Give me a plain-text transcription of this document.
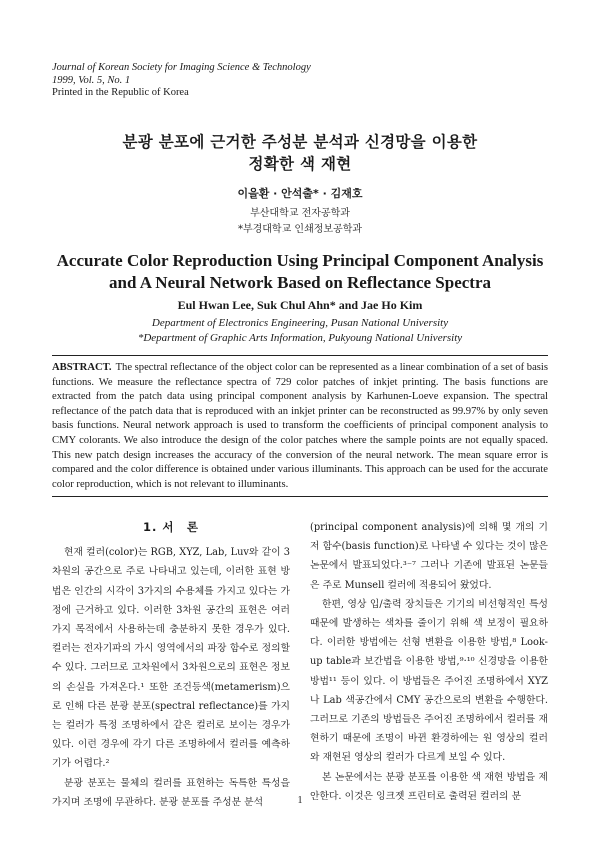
Journal of Korean Society for Imaging Science & Technology
1999, Vol. 5, No. 1
Printed in the Republic of Korea
분광 분포에 근거한 주성분 분석과 신경망을 이용한
정확한 색 재현
이을환 · 안석출* · 김재호
부산대학교 전자공학과
*부경대학교 인쇄정보공학과
Accurate Color Reproduction Using Principal Component Analysis
and A Neural Network Based on Reflectance Spectra
Eul Hwan Lee, Suk Chul Ahn* and Jae Ho Kim
Department of Electronics Engineering, Pusan National University
*Department of Graphic Arts Information, Pukyoung National University
ABSTRACT. The spectral reflectance of the object color can be represented as a linear combination of a set of basis functions. We measure the reflectance spectra of 729 color patches of inkjet printing. The basis functions are extracted from the patch data using principal component analysis by Karhunen-Loeve expansion. The spectral reflectance of the patch data that is reproduced with an inkjet printer can be reconstructed as 99.97% by only seven basis functions. Neural network approach is used to transform the coefficients of principal component analysis to CMY colorants. We also introduce the design of the color patches where the sample points are not equally spaced. This new patch design increases the accuracy of the conversion of the neural network. The mean square error is compared and the color difference is obtained under various illuminants. This approach can be used for the accurate color reproduction, which is not relevant to illuminants.
1. 서　론

현재 컬러(color)는 RGB, XYZ, Lab, Luv와 같이 3차원의 공간으로 주로 나타내고 있는데, 이러한 표현 방법은 인간의 시각이 3가지의 수용체를 가지고 있다는 가정에 근거하고 있다. 이러한 3차원 공간의 표현은 여러 가지 목적에서 사용하는데 충분하지 못한 경우가 있다. 컬러는 전자기파의 가시 영역에서의 파장 함수로 정의할 수 있다. 그러므로 고차원에서 3차원으로의 표현은 정보의 손실을 가져온다.¹ 또한 조건등색(metamerism)으로 인해 다른 분광 분포(spectral reflectance)를 가지는 컬러가 특정 조명하에서 같은 컬러로 보이는 경우가 있다. 이런 경우에 각기 다른 조명하에서 컬러를 예측하기가 어렵다.²

분광 분포는 물체의 컬러를 표현하는 독특한 특성을 가지며 조명에 무관하다. 분광 분포를 주성분 분석

(principal component analysis)에 의해 몇 개의 기저 함수(basis function)로 나타낼 수 있다는 것이 많은 논문에서 발표되었다.³⁻⁷ 그러나 기존에 발표된 논문들은 주로 Munsell 컬러에 적용되어 왔었다.

한편, 영상 입/출력 장치들은 기기의 비선형적인 특성 때문에 발생하는 색차를 줄이기 위해 색 보정이 필요하다. 이러한 방법에는 선형 변환을 이용한 방법,⁸ Look-up table과 보간법을 이용한 방법,⁹·¹⁰ 신경망을 이용한 방법¹¹ 등이 있다. 이 방법들은 주어진 조명하에서 XYZ나 Lab 색공간에서 CMY 공간으로의 변환을 수행한다. 그러므로 기존의 방법들은 주어진 조명하에서 컬러를 재현하기 때문에 조명이 바뀐 환경하에는 원 영상의 컬러와 재현된 영상의 컬러가 다르게 보일 수 있다.

본 논문에서는 분광 분포를 이용한 색 재현 방법을 제안한다. 이것은 잉크젯 프린터로 출력된 컬러의 분

1
